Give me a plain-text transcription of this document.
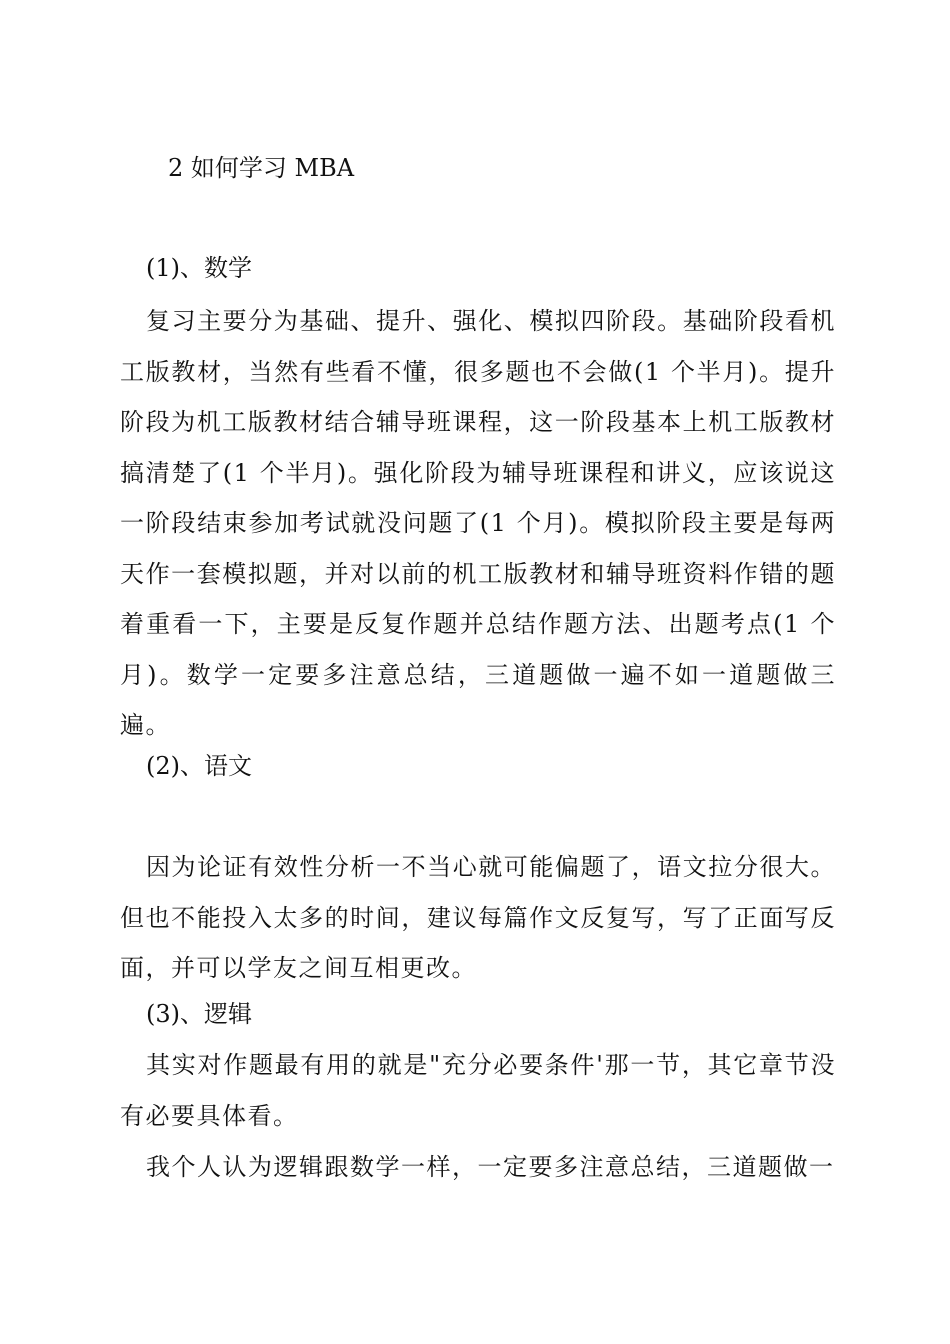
2 如何学习 MBA
(1)、数学

复习主要分为基础、提升、强化、模拟四阶段。基础阶段看机工版教材，当然有些看不懂，很多题也不会做(1 个半月)。提升阶段为机工版教材结合辅导班课程，这一阶段基本上机工版教材搞清楚了(1 个半月)。强化阶段为辅导班课程和讲义，应该说这一阶段结束参加考试就没问题了(1 个月)。模拟阶段主要是每两天作一套模拟题，并对以前的机工版教材和辅导班资料作错的题着重看一下，主要是反复作题并总结作题方法、出题考点(1 个月)。数学一定要多注意总结，三道题做一遍不如一道题做三遍。

(2)、语文

因为论证有效性分析一不当心就可能偏题了，语文拉分很大。但也不能投入太多的时间，建议每篇作文反复写，写了正面写反面，并可以学友之间互相更改。

(3)、逻辑

其实对作题最有用的就是"充分必要条件'那一节，其它章节没有必要具体看。

我个人认为逻辑跟数学一样，一定要多注意总结，三道题做一
